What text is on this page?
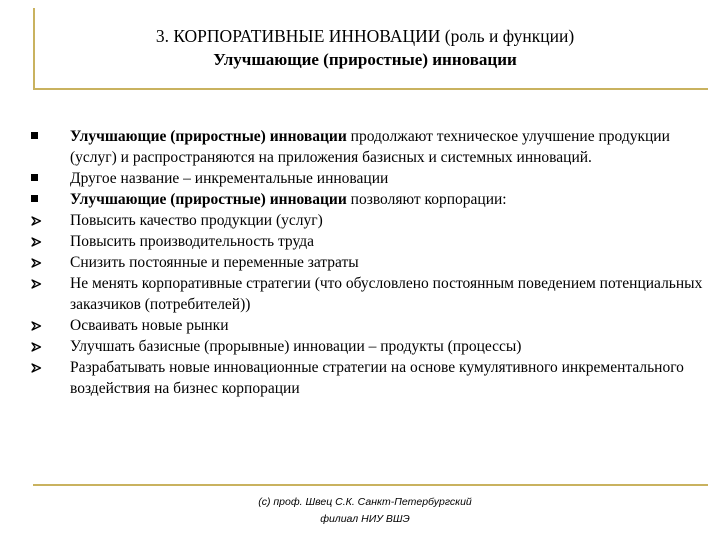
3. КОРПОРАТИВНЫЕ ИННОВАЦИИ (роль и функции)
Улучшающие (приростные) инновации
Улучшающие (приростные) инновации продолжают техническое улучшение продукции (услуг) и распространяются на приложения базисных и системных инноваций.
Другое название – инкрементальные инновации
Улучшающие (приростные) инновации позволяют корпорации:
Повысить качество продукции (услуг)
Повысить производительность труда
Снизить постоянные и переменные затраты
Не менять корпоративные стратегии (что обусловлено постоянным поведением потенциальных заказчиков (потребителей))
Осваивать новые рынки
Улучшать базисные (прорывные) инновации – продукты (процессы)
Разрабатывать новые инновационные стратегии на основе кумулятивного инкрементального воздействия на бизнес корпорации
(с) проф. Швец С.К. Санкт-Петербургский
филиал НИУ ВШЭ
